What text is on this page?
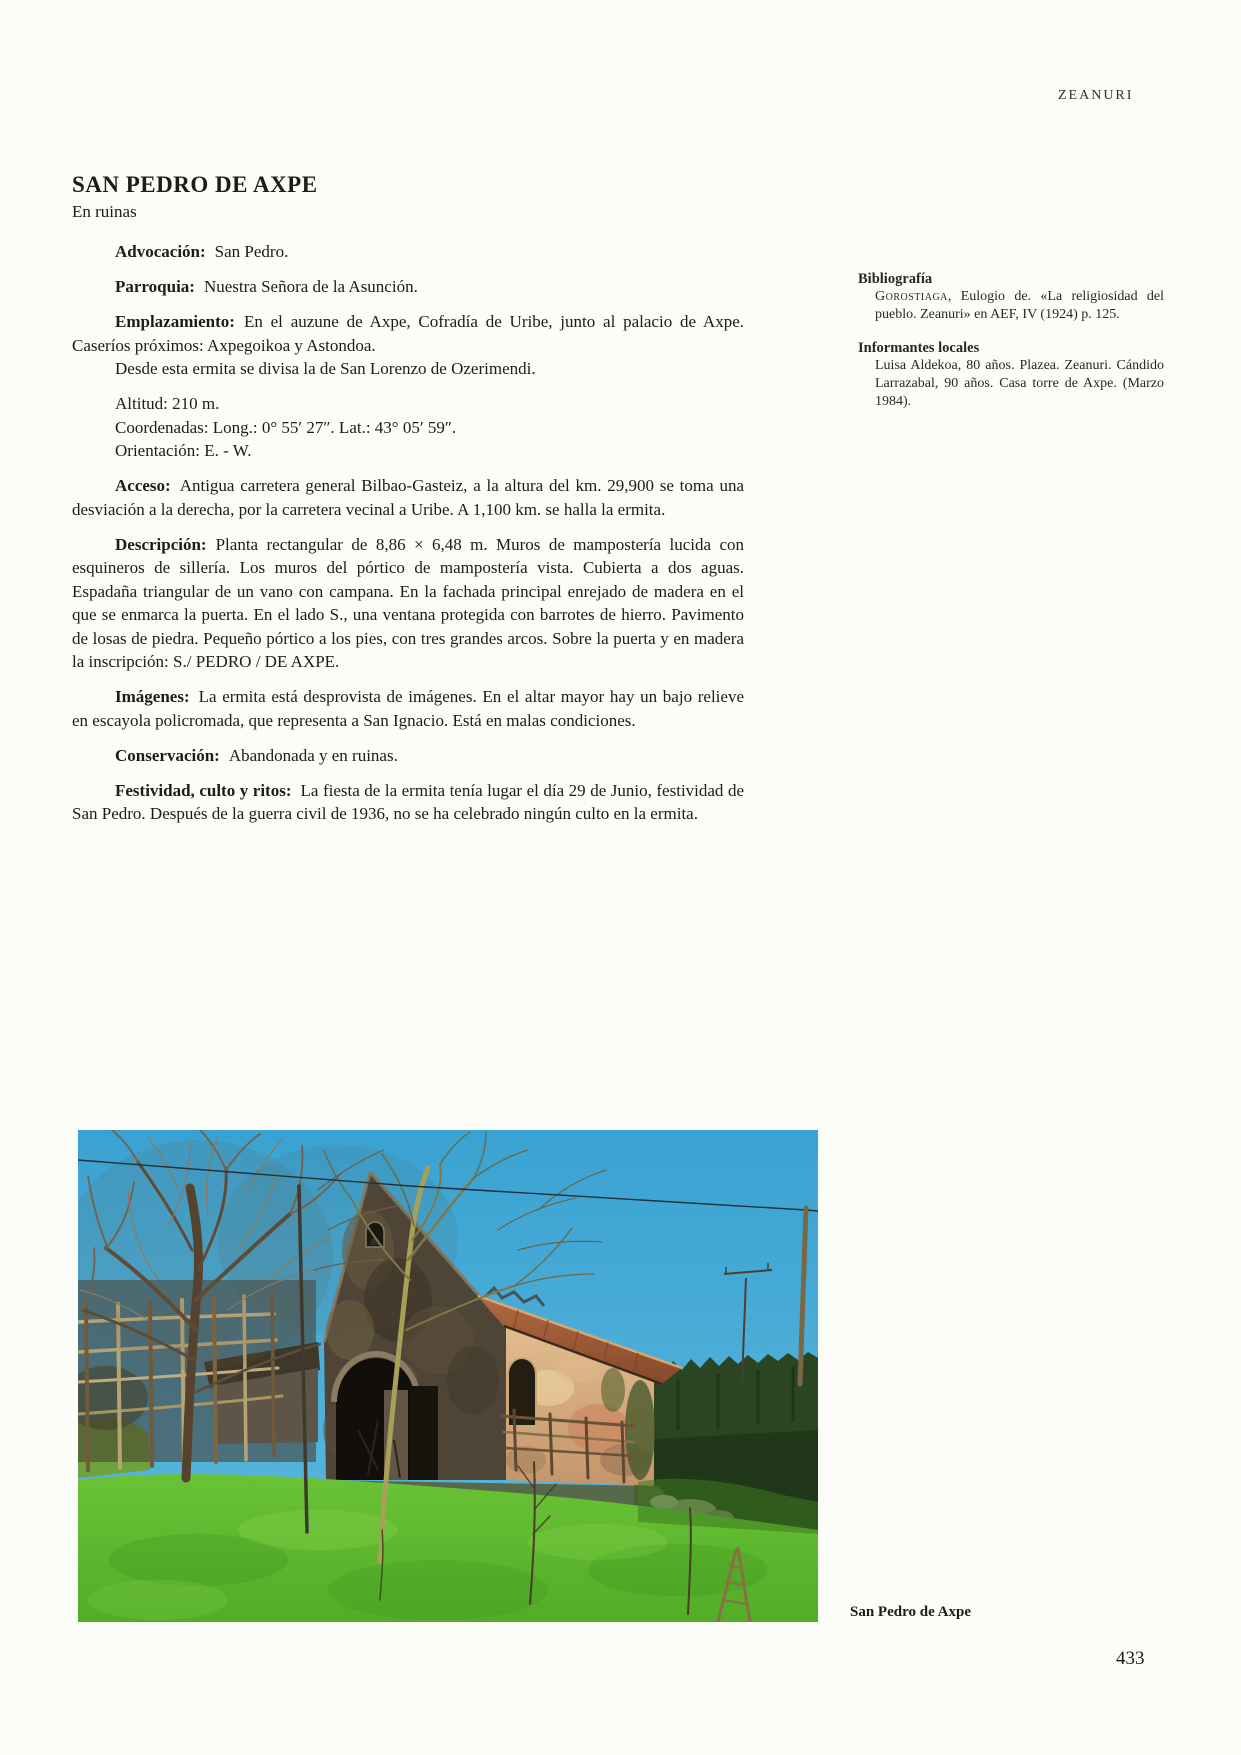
ZEANURI
SAN PEDRO DE AXPE
En ruinas

Advocación: San Pedro.

Parroquia: Nuestra Señora de la Asunción.

Emplazamiento: En el auzune de Axpe, Cofradía de Uribe, junto al palacio de Axpe. Caseríos próximos: Axpegoikoa y Astondoa.

Desde esta ermita se divisa la de San Lorenzo de Ozerimendi.

Altitud: 210 m.
Coordenadas: Long.: 0° 55′ 27″. Lat.: 43° 05′ 59″.
Orientación: E. - W.

Acceso: Antigua carretera general Bilbao-Gasteiz, a la altura del km. 29,900 se toma una desviación a la derecha, por la carretera vecinal a Uribe. A 1,100 km. se halla la ermita.

Descripción: Planta rectangular de 8,86 × 6,48 m. Muros de mampostería lucida con esquineros de sillería. Los muros del pórtico de mampostería vista. Cubierta a dos aguas. Espadaña triangular de un vano con campana. En la fachada principal enrejado de madera en el que se enmarca la puerta. En el lado S., una ventana protegida con barrotes de hierro. Pavimento de losas de piedra. Pequeño pórtico a los pies, con tres grandes arcos. Sobre la puerta y en madera la inscripción: S./ PEDRO / DE AXPE.

Imágenes: La ermita está desprovista de imágenes. En el altar mayor hay un bajo relieve en escayola policromada, que representa a San Ignacio. Está en malas condiciones.

Conservación: Abandonada y en ruinas.

Festividad, culto y ritos: La fiesta de la ermita tenía lugar el día 29 de Junio, festividad de San Pedro. Después de la guerra civil de 1936, no se ha celebrado ningún culto en la ermita.

Bibliografía
Gorostiaga, Eulogio de. «La religiosidad del pueblo. Zeanuri» en AEF, IV (1924) p. 125.
Informantes locales
Luisa Aldekoa, 80 años. Plazea. Zeanuri. Cándido Larrazabal, 90 años. Casa torre de Axpe. (Marzo 1984).
San Pedro de Axpe
433
